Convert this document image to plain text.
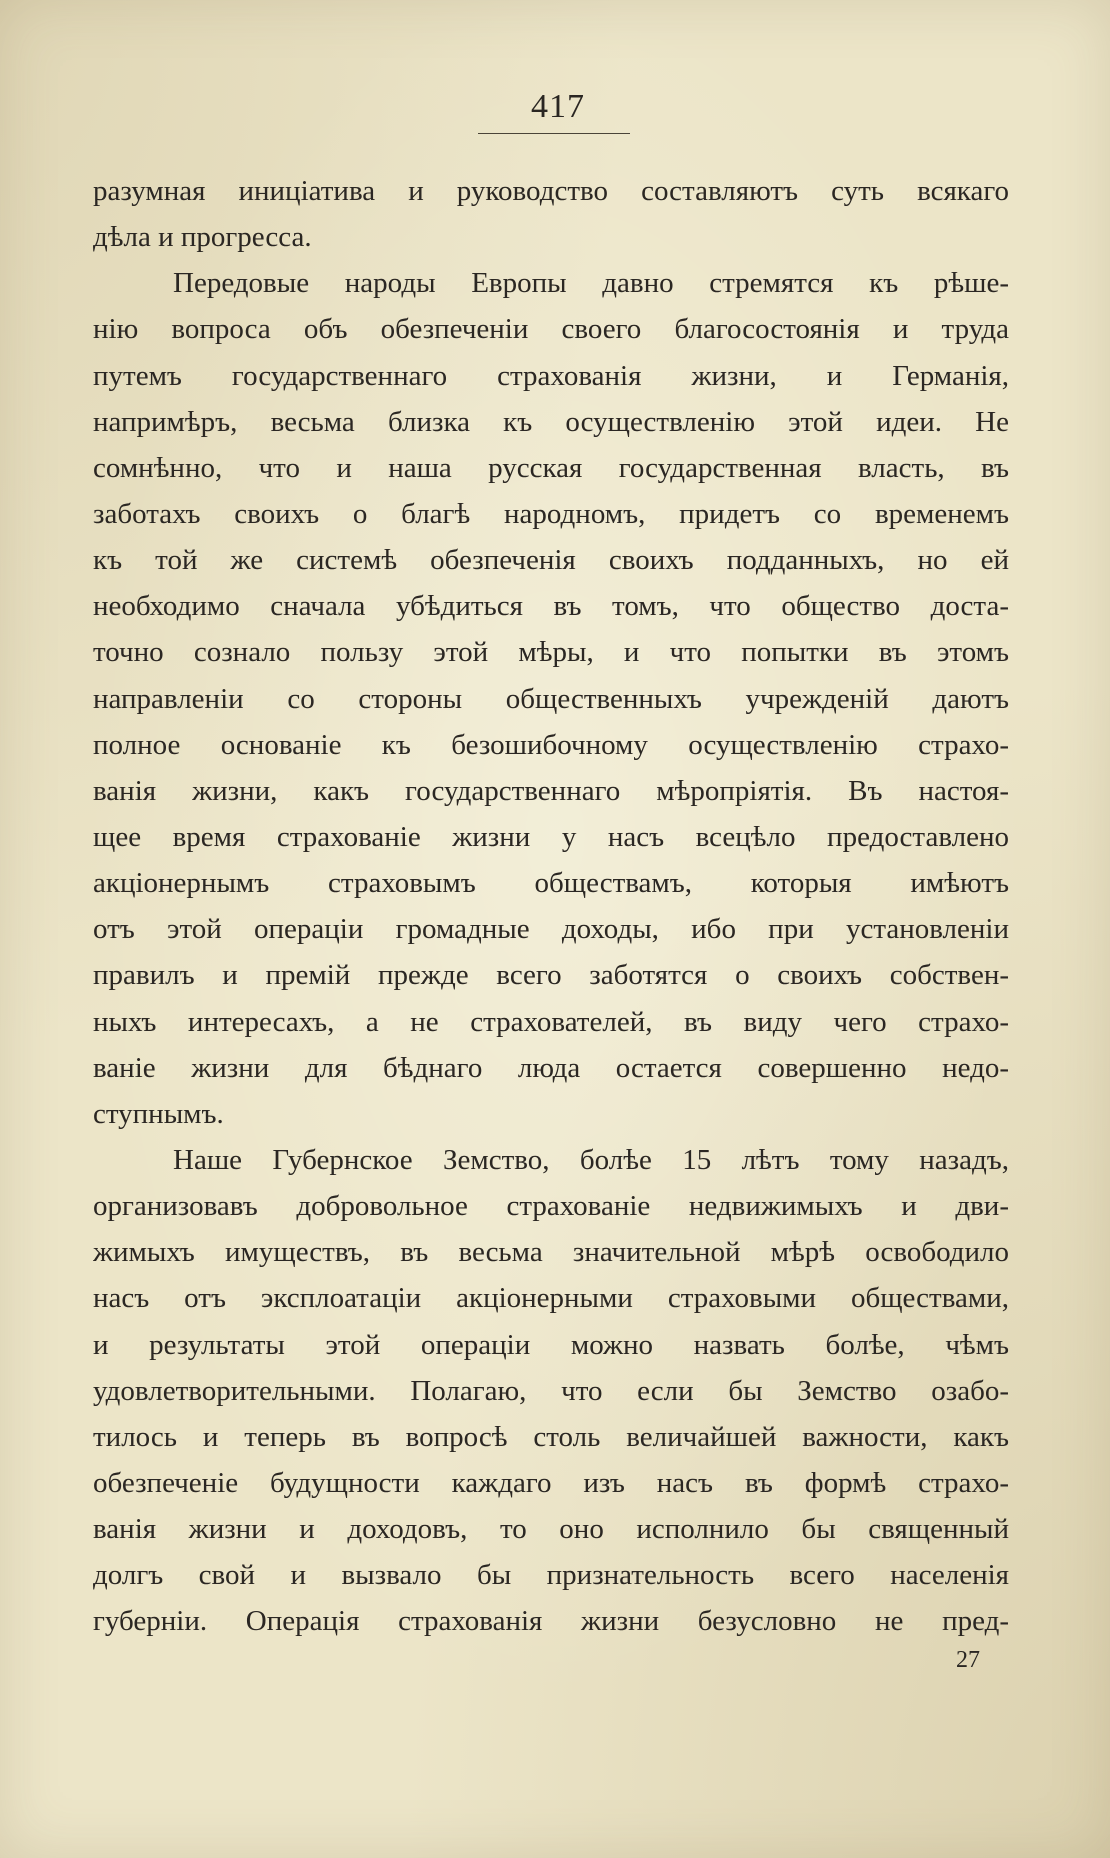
417
разумная иниціатива и руководство составляютъ суть всякаго
дѣла и прогресса.
Передовые народы Европы давно стремятся къ рѣше-
нію вопроса объ обезпеченіи своего благосостоянія и труда
путемъ государственнаго страхованія жизни, и Германія,
напримѣръ, весьма близка къ осуществленію этой идеи. Не
сомнѣнно, что и наша русская государственная власть, въ
заботахъ своихъ о благѣ народномъ, придетъ со временемъ
къ той же системѣ обезпеченія своихъ подданныхъ, но ей
необходимо сначала убѣдиться въ томъ, что общество доста-
точно сознало пользу этой мѣры, и что попытки въ этомъ
направленіи со стороны общественныхъ учрежденій даютъ
полное основаніе къ безошибочному осуществленію страхо-
ванія жизни, какъ государственнаго мѣропріятія. Въ настоя-
щее время страхованіе жизни у насъ всецѣло предоставлено
акціонернымъ страховымъ обществамъ, которыя имѣютъ
отъ этой операціи громадные доходы, ибо при установленіи
правилъ и премій прежде всего заботятся о своихъ собствен-
ныхъ интересахъ, а не страхователей, въ виду чего страхо-
ваніе жизни для бѣднаго люда остается совершенно недо-
ступнымъ.
Наше Губернское Земство, болѣе 15 лѣтъ тому назадъ,
организовавъ добровольное страхованіе недвижимыхъ и дви-
жимыхъ имуществъ, въ весьма значительной мѣрѣ освободило
насъ отъ эксплоатаціи акціонерными страховыми обществами,
и результаты этой операціи можно назвать болѣе, чѣмъ
удовлетворительными. Полагаю, что если бы Земство озабо-
тилось и теперь въ вопросѣ столь величайшей важности, какъ
обезпеченіе будущности каждаго изъ насъ въ формѣ страхо-
ванія жизни и доходовъ, то оно исполнило бы священный
долгъ свой и вызвало бы признательность всего населенія
губерніи. Операція страхованія жизни безусловно не пред-
27
